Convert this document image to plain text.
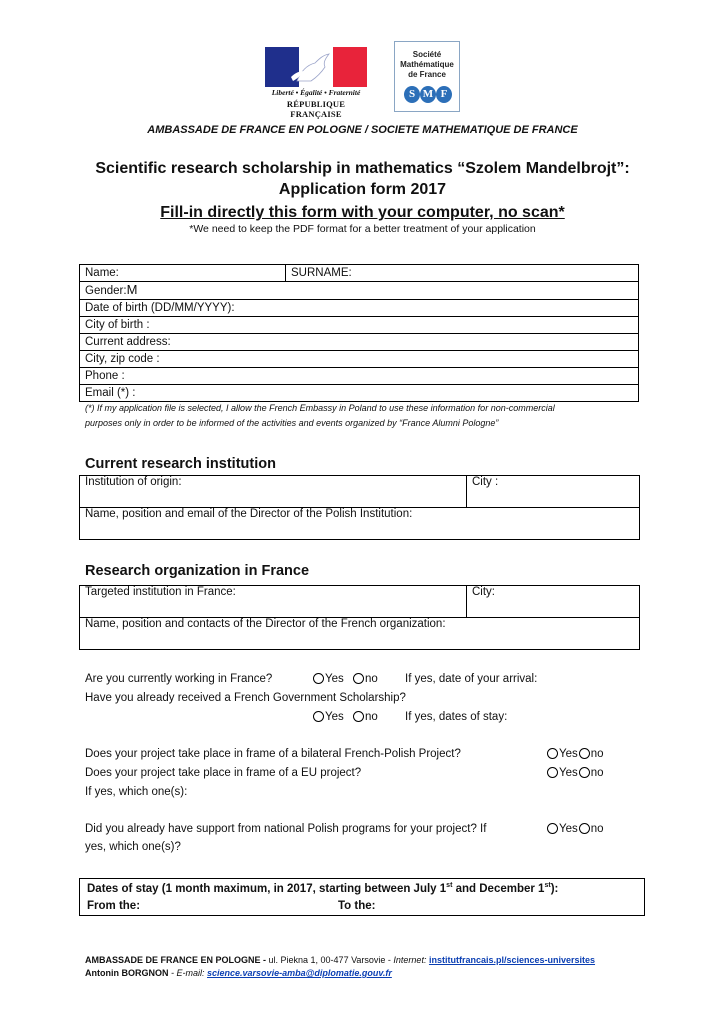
Liberté • Égalité • Fraternité
RÉPUBLIQUE FRANÇAISE
Société
Mathématique
de France
S M F
AMBASSADE DE FRANCE EN POLOGNE / SOCIETE MATHEMATIQUE DE FRANCE
Scientific research scholarship in mathematics “Szolem Mandelbrojt”:
Application form 2017
Fill-in directly this form with your computer, no scan*
*We need to keep the PDF format for a better treatment of your application
Name:	SURNAME:
Gender:M
Date of birth (DD/MM/YYYY):
City of birth :
Current address:
City, zip code :
Phone :
Email (*) :
(*) If my application file is selected, I allow the French Embassy in Poland to use these information for non-commercial
purposes only in order to be informed of the activities and events organized by “France Alumni Pologne”
Current research institution
Institution of origin:	City :
Name, position and email of the Director of the Polish Institution:
Research organization in France
Targeted institution in France:	City:
Name, position and contacts of the Director of the French organization:
Are you currently working in France?	Yes no If yes, date of your arrival:
Have you already received a French Government Scholarship?
Yes no If yes, dates of stay:
Does your project take place in frame of a bilateral French-Polish Project?	Yes no
Does your project take place in frame of a EU project?	Yes no
If yes, which one(s):
Did you already have support from national Polish programs for your project? If
yes, which one(s)?
Yes no
Dates of stay (1 month maximum, in 2017, starting between July 1st and December 1st):
From the:	To the:
AMBASSADE DE FRANCE EN POLOGNE - ul. Piekna 1, 00-477 Varsovie - Internet: institutfrancais.pl/sciences-universites
Antonin BORGNON - E-mail: science.varsovie-amba@diplomatie.gouv.fr
